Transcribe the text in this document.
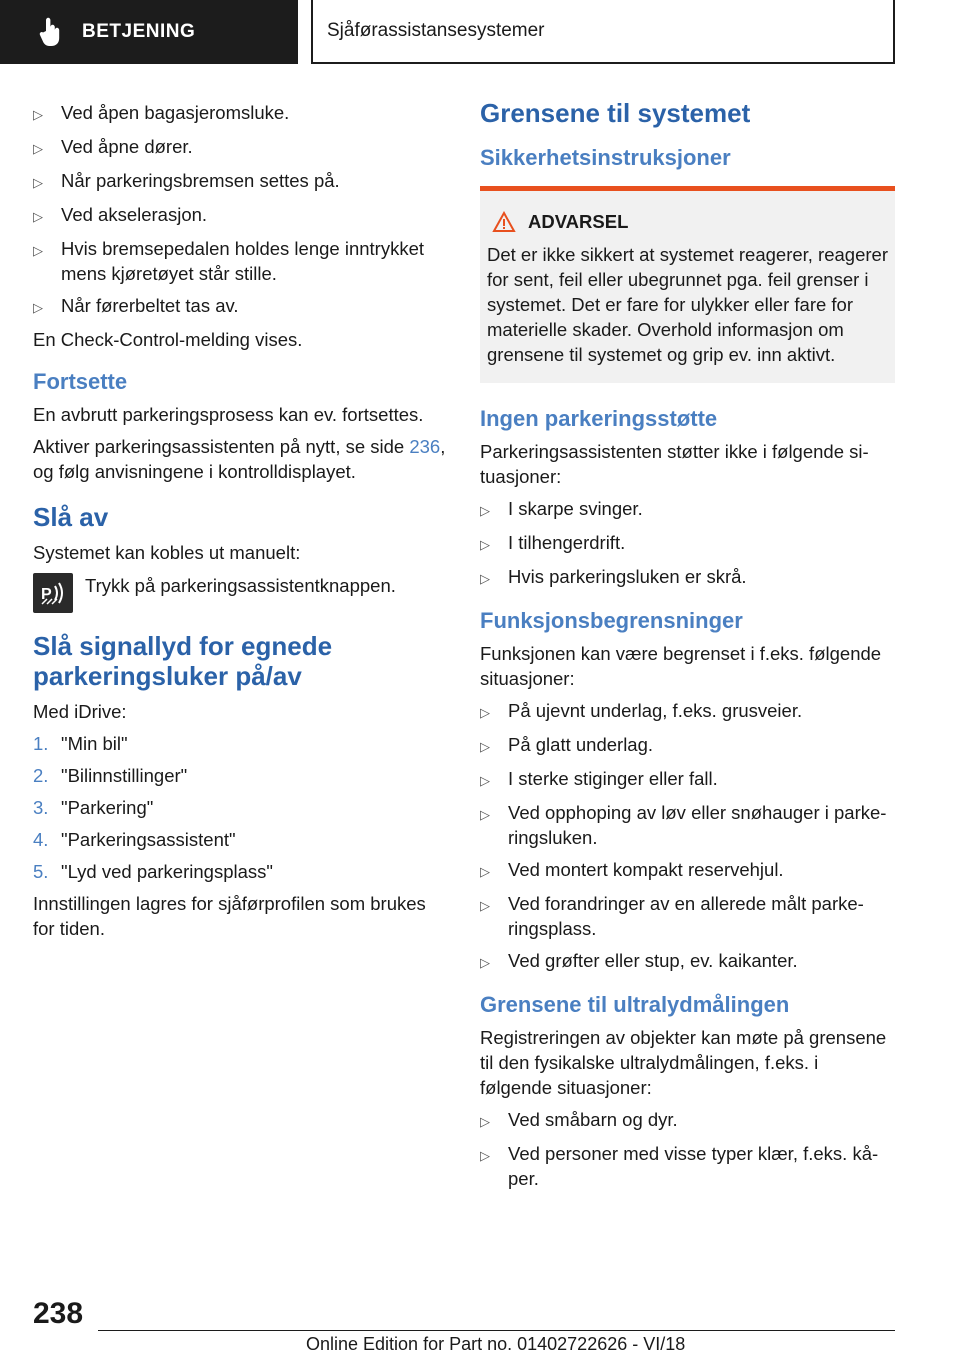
BETJENING	Sjåførassistansesystemer
▷ Ved åpen bagasjeromsluke.
▷ Ved åpne dører.
▷ Når parkeringsbremsen settes på.
▷ Ved akselerasjon.
▷ Hvis bremsepedalen holdes lenge inntrykket mens kjøretøyet står stille.
▷ Når førerbeltet tas av.
En Check-Control-melding vises.
Fortsette
En avbrutt parkeringsprosess kan ev. fortsettes.
Aktiver parkeringsassistenten på nytt, se side 236, og følg anvisningene i kontrolldisplayet.
Slå av
Systemet kan kobles ut manuelt:
P Trykk på parkeringsassistentknappen.
Slå signallyd for egnede parkeringsluker på/av
Med iDrive:
1. "Min bil"
2. "Bilinnstillinger"
3. "Parkering"
4. "Parkeringsassistent"
5. "Lyd ved parkeringsplass"
Innstillingen lagres for sjåførprofilen som brukes for tiden.
Grensene til systemet
Sikkerhetsinstruksjoner
ADVARSEL
Det er ikke sikkert at systemet reagerer, reagerer for sent, feil eller ubegrunnet pga. feil grenser i systemet. Det er fare for ulykker eller fare for materielle skader. Overhold informasjon om grensene til systemet og grip ev. inn aktivt.
Ingen parkeringsstøtte
Parkeringsassistenten støtter ikke i følgende situasjoner:
▷ I skarpe svinger.
▷ I tilhengerdrift.
▷ Hvis parkeringsluken er skrå.
Funksjonsbegrensninger
Funksjonen kan være begrenset i f.eks. følgende situasjoner:
▷ På ujevnt underlag, f.eks. grusveier.
▷ På glatt underlag.
▷ I sterke stiginger eller fall.
▷ Ved opphoping av løv eller snøhauger i parkeringsluken.
▷ Ved montert kompakt reservehjul.
▷ Ved forandringer av en allerede målt parkeringsplass.
▷ Ved grøfter eller stup, ev. kaikanter.
Grensene til ultralydmålingen
Registreringen av objekter kan møte på grensene til den fysikalske ultralydmålingen, f.eks. i følgende situasjoner:
▷ Ved småbarn og dyr.
▷ Ved personer med visse typer klær, f.eks. kåper.
238
Online Edition for Part no. 01402722626 - VI/18
